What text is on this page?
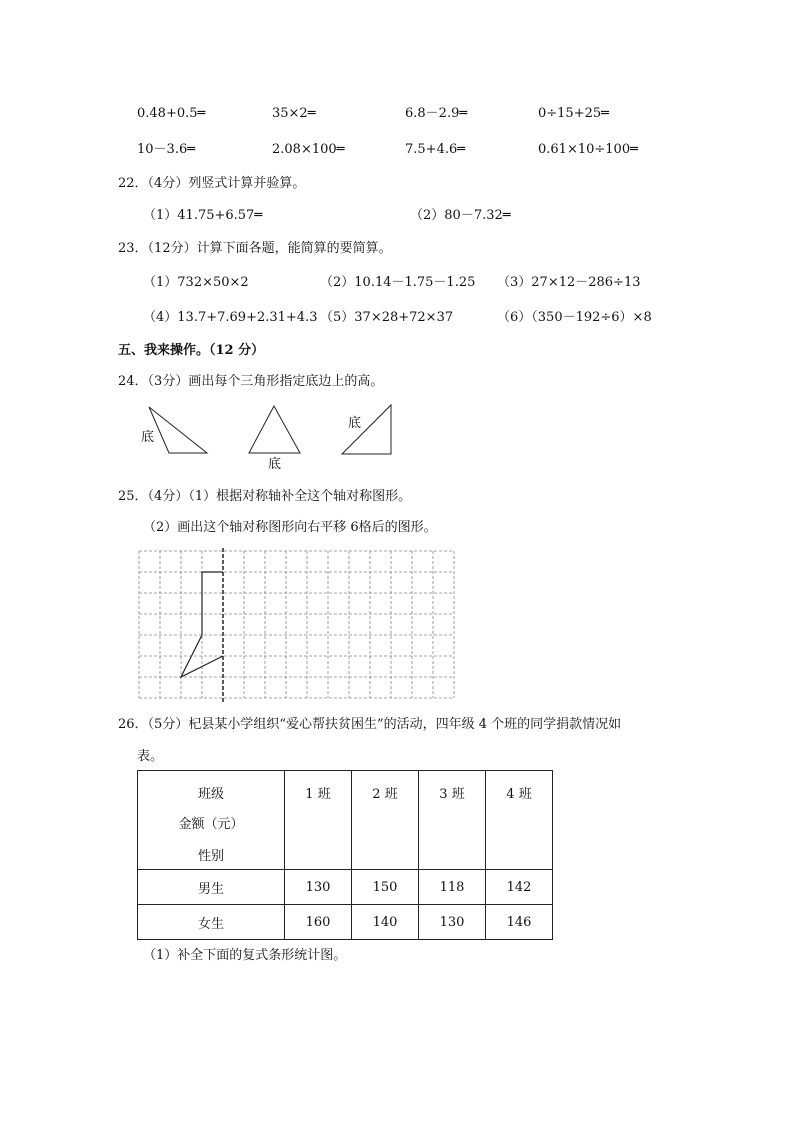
0.48+0.5═	35×2═	6.8－2.9═	0÷15+25═
10－3.6═	2.08×100═	7.5+4.6═	0.61×10÷100═
22．（4分）列竖式计算并验算。
（1）41.75+6.57═	（2）80－7.32═
23．（12分）计算下面各题，能简算的要简算。
（1）732×50×2	（2）10.14－1.75－1.25 （3）27×12－286÷13
（4）13.7+7.69+2.31+4.3 （5）37×28+72×37	（6）（350－192÷6）×8
五、我来操作。（12 分）
24．（3分）画出每个三角形指定底边上的高。
底
底
底
25．（4分）（1）根据对称轴补全这个轴对称图形。
（2）画出这个轴对称图形向右平移 6格后的图形。
26．（5分）杞县某小学组织“爱心帮扶贫困生”的活动，四年级 4 个班的同学捐款情况如
表。
班级
金额（元）
性别	1 班	2 班	3 班	4 班

男生	130	150	118	142
女生	160	140	130	146
（1）补全下面的复式条形统计图。
